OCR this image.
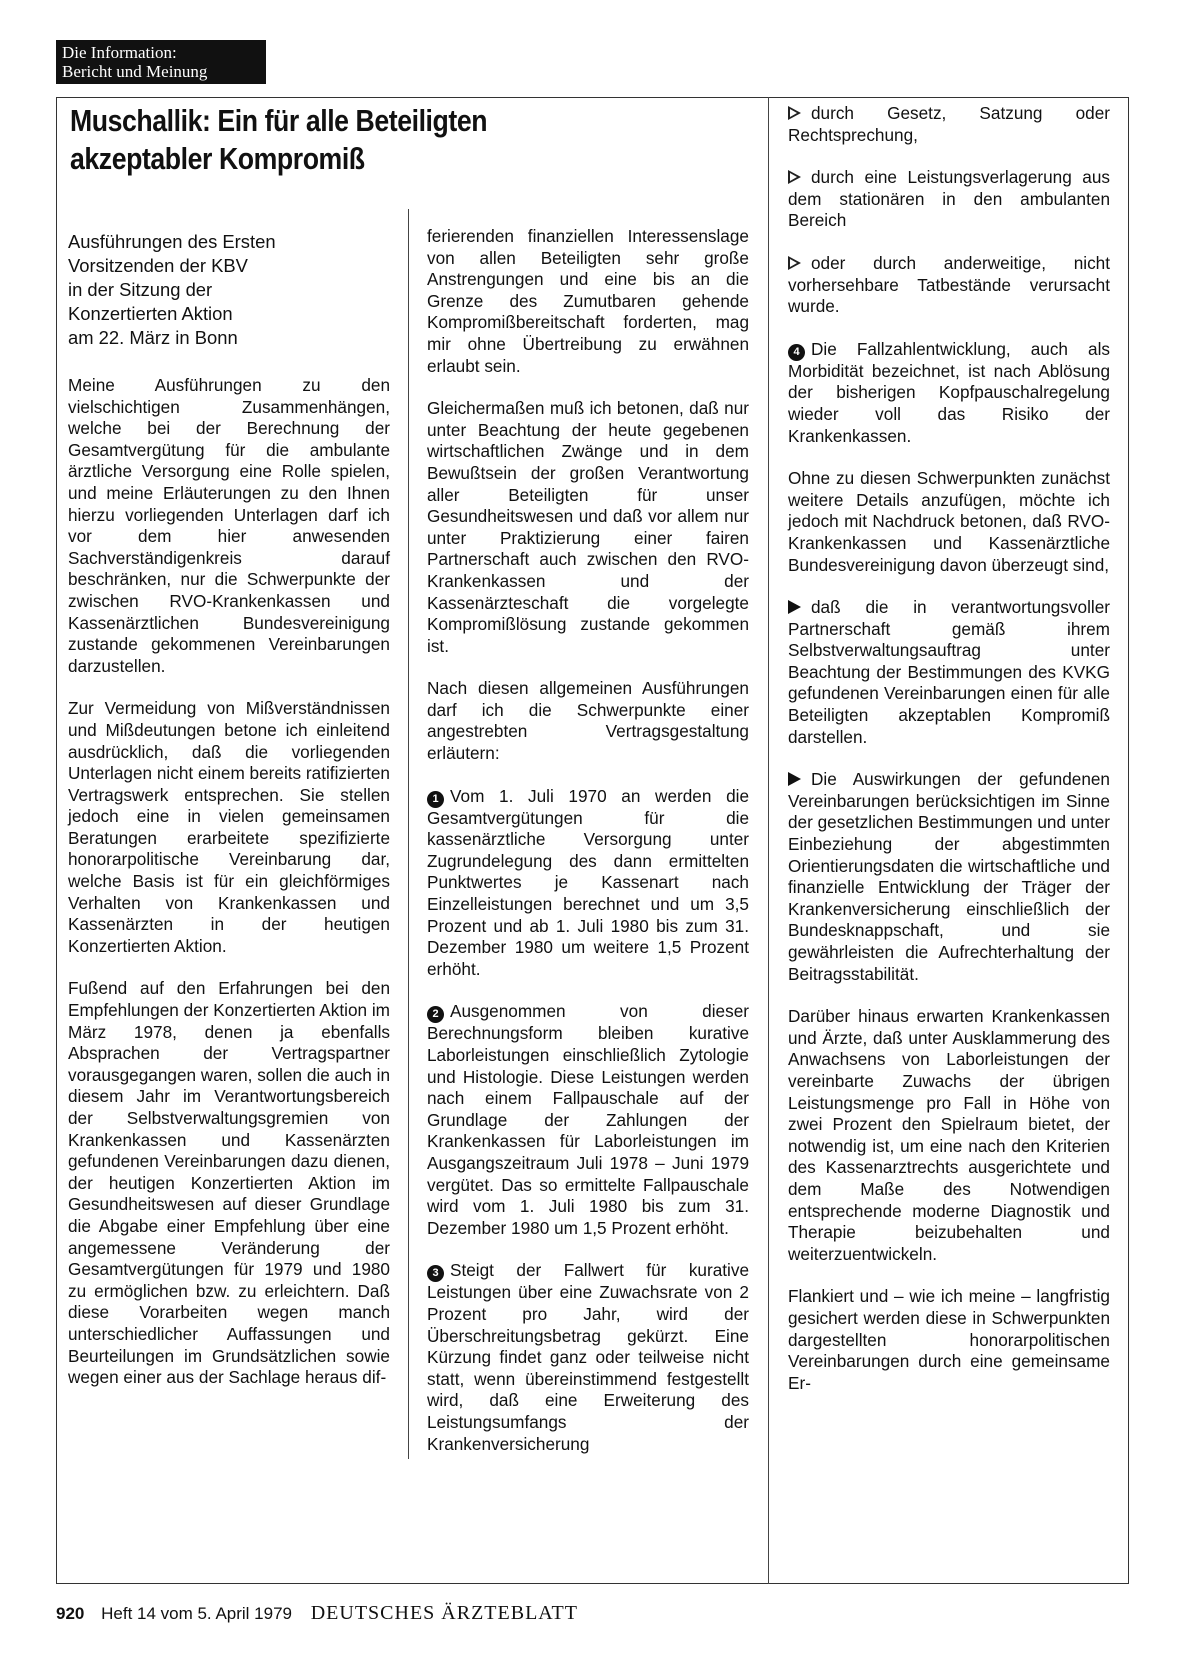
Die Information:
Bericht und Meinung
Muschallik: Ein für alle Beteiligten
akzeptabler Kompromiß

Ausführungen des Ersten
Vorsitzenden der KBV
in der Sitzung der
Konzertierten Aktion
am 22. März in Bonn

Meine Ausführungen zu den vielschichtigen Zusammenhängen, welche bei der Berechnung der Gesamtvergütung für die ambulante ärztliche Versorgung eine Rolle spielen, und meine Erläuterungen zu den Ihnen hierzu vorliegenden Unterlagen darf ich vor dem hier anwesenden Sachverständigenkreis darauf beschränken, nur die Schwerpunkte der zwischen RVO-Krankenkassen und Kassenärztlichen Bundesvereinigung zustande gekommenen Vereinbarungen darzustellen.

Zur Vermeidung von Mißverständnissen und Mißdeutungen betone ich einleitend ausdrücklich, daß die vorliegenden Unterlagen nicht einem bereits ratifizierten Vertragswerk entsprechen. Sie stellen jedoch eine in vielen gemeinsamen Beratungen erarbeitete spezifizierte honorarpolitische Vereinbarung dar, welche Basis ist für ein gleichförmiges Verhalten von Krankenkassen und Kassenärzten in der heutigen Konzertierten Aktion.

Fußend auf den Erfahrungen bei den Empfehlungen der Konzertierten Aktion im März 1978, denen ja ebenfalls Absprachen der Vertragspartner vorausgegangen waren, sollen die auch in diesem Jahr im Verantwortungsbereich der Selbstverwaltungsgremien von Krankenkassen und Kassenärzten gefundenen Vereinbarungen dazu dienen, der heutigen Konzertierten Aktion im Gesundheitswesen auf dieser Grundlage die Abgabe einer Empfehlung über eine angemessene Veränderung der Gesamtvergütungen für 1979 und 1980 zu ermöglichen bzw. zu erleichtern. Daß diese Vorarbeiten wegen manch unterschiedlicher Auffassungen und Beurteilungen im Grundsätzlichen sowie wegen einer aus der Sachlage heraus dif-

ferierenden finanziellen Interessenslage von allen Beteiligten sehr große Anstrengungen und eine bis an die Grenze des Zumutbaren gehende Kompromißbereitschaft forderten, mag mir ohne Übertreibung zu erwähnen erlaubt sein.

Gleichermaßen muß ich betonen, daß nur unter Beachtung der heute gegebenen wirtschaftlichen Zwänge und in dem Bewußtsein der großen Verantwortung aller Beteiligten für unser Gesundheitswesen und daß vor allem nur unter Praktizierung einer fairen Partnerschaft auch zwischen den RVO-Krankenkassen und der Kassenärzteschaft die vorgelegte Kompromißlösung zustande gekommen ist.

Nach diesen allgemeinen Ausführungen darf ich die Schwerpunkte einer angestrebten Vertragsgestaltung erläutern:

1 Vom 1. Juli 1970 an werden die Gesamtvergütungen für die kassenärztliche Versorgung unter Zugrundelegung des dann ermittelten Punktwertes je Kassenart nach Einzelleistungen berechnet und um 3,5 Prozent und ab 1. Juli 1980 bis zum 31. Dezember 1980 um weitere 1,5 Prozent erhöht.

2 Ausgenommen von dieser Berechnungsform bleiben kurative Laborleistungen einschließlich Zytologie und Histologie. Diese Leistungen werden nach einem Fallpauschale auf der Grundlage der Zahlungen der Krankenkassen für Laborleistungen im Ausgangszeitraum Juli 1978 – Juni 1979 vergütet. Das so ermittelte Fallpauschale wird vom 1. Juli 1980 bis zum 31. Dezember 1980 um 1,5 Prozent erhöht.

3 Steigt der Fallwert für kurative Leistungen über eine Zuwachsrate von 2 Prozent pro Jahr, wird der Überschreitungsbetrag gekürzt. Eine Kürzung findet ganz oder teilweise nicht statt, wenn übereinstimmend festgestellt wird, daß eine Erweiterung des Leistungsumfangs der Krankenversicherung

durch Gesetz, Satzung oder Rechtsprechung,

durch eine Leistungsverlagerung aus dem stationären in den ambulanten Bereich

oder durch anderweitige, nicht vorhersehbare Tatbestände verursacht wurde.

4 Die Fallzahlentwicklung, auch als Morbidität bezeichnet, ist nach Ablösung der bisherigen Kopfpauschalregelung wieder voll das Risiko der Krankenkassen.

Ohne zu diesen Schwerpunkten zunächst weitere Details anzufügen, möchte ich jedoch mit Nachdruck betonen, daß RVO-Krankenkassen und Kassenärztliche Bundesvereinigung davon überzeugt sind,

daß die in verantwortungsvoller Partnerschaft gemäß ihrem Selbstverwaltungsauftrag unter Beachtung der Bestimmungen des KVKG gefundenen Vereinbarungen einen für alle Beteiligten akzeptablen Kompromiß darstellen.

Die Auswirkungen der gefundenen Vereinbarungen berücksichtigen im Sinne der gesetzlichen Bestimmungen und unter Einbeziehung der abgestimmten Orientierungsdaten die wirtschaftliche und finanzielle Entwicklung der Träger der Krankenversicherung einschließlich der Bundesknappschaft, und sie gewährleisten die Aufrechterhaltung der Beitragsstabilität.

Darüber hinaus erwarten Krankenkassen und Ärzte, daß unter Ausklammerung des Anwachsens von Laborleistungen der vereinbarte Zuwachs der übrigen Leistungsmenge pro Fall in Höhe von zwei Prozent den Spielraum bietet, der notwendig ist, um eine nach den Kriterien des Kassenarztrechts ausgerichtete und dem Maße des Notwendigen entsprechende moderne Diagnostik und Therapie beizubehalten und weiterzuentwickeln.

Flankiert und – wie ich meine – langfristig gesichert werden diese in Schwerpunkten dargestellten honorarpolitischen Vereinbarungen durch eine gemeinsame Er-

920 Heft 14 vom 5. April 1979 DEUTSCHES ÄRZTEBLATT
